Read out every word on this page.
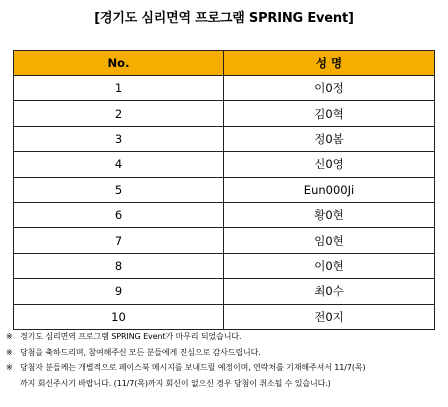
[경기도 심리면역 프로그램 SPRING Event]
No.	성 명
1	이0정
2	김0혁
3	정0봄
4	신0영
5	Eun000Ji
6	황0현
7	임0현
8	이0현
9	최0수
10	전0지
※ 경기도 심리면역 프로그램 SPRING Event가 마무리 되었습니다.
※ 당첨을 축하드리며, 참여해주신 모든 분들에게 진심으로 감사드립니다.
※ 당첨자 분들께는 개별적으로 페이스북 메시지를 보내드릴 예정이며, 연락처를 기재해주셔서 11/7(목)
까지 회신주시기 바랍니다. (11/7(목)까지 회신이 없으신 경우 당첨이 취소될 수 있습니다.)
